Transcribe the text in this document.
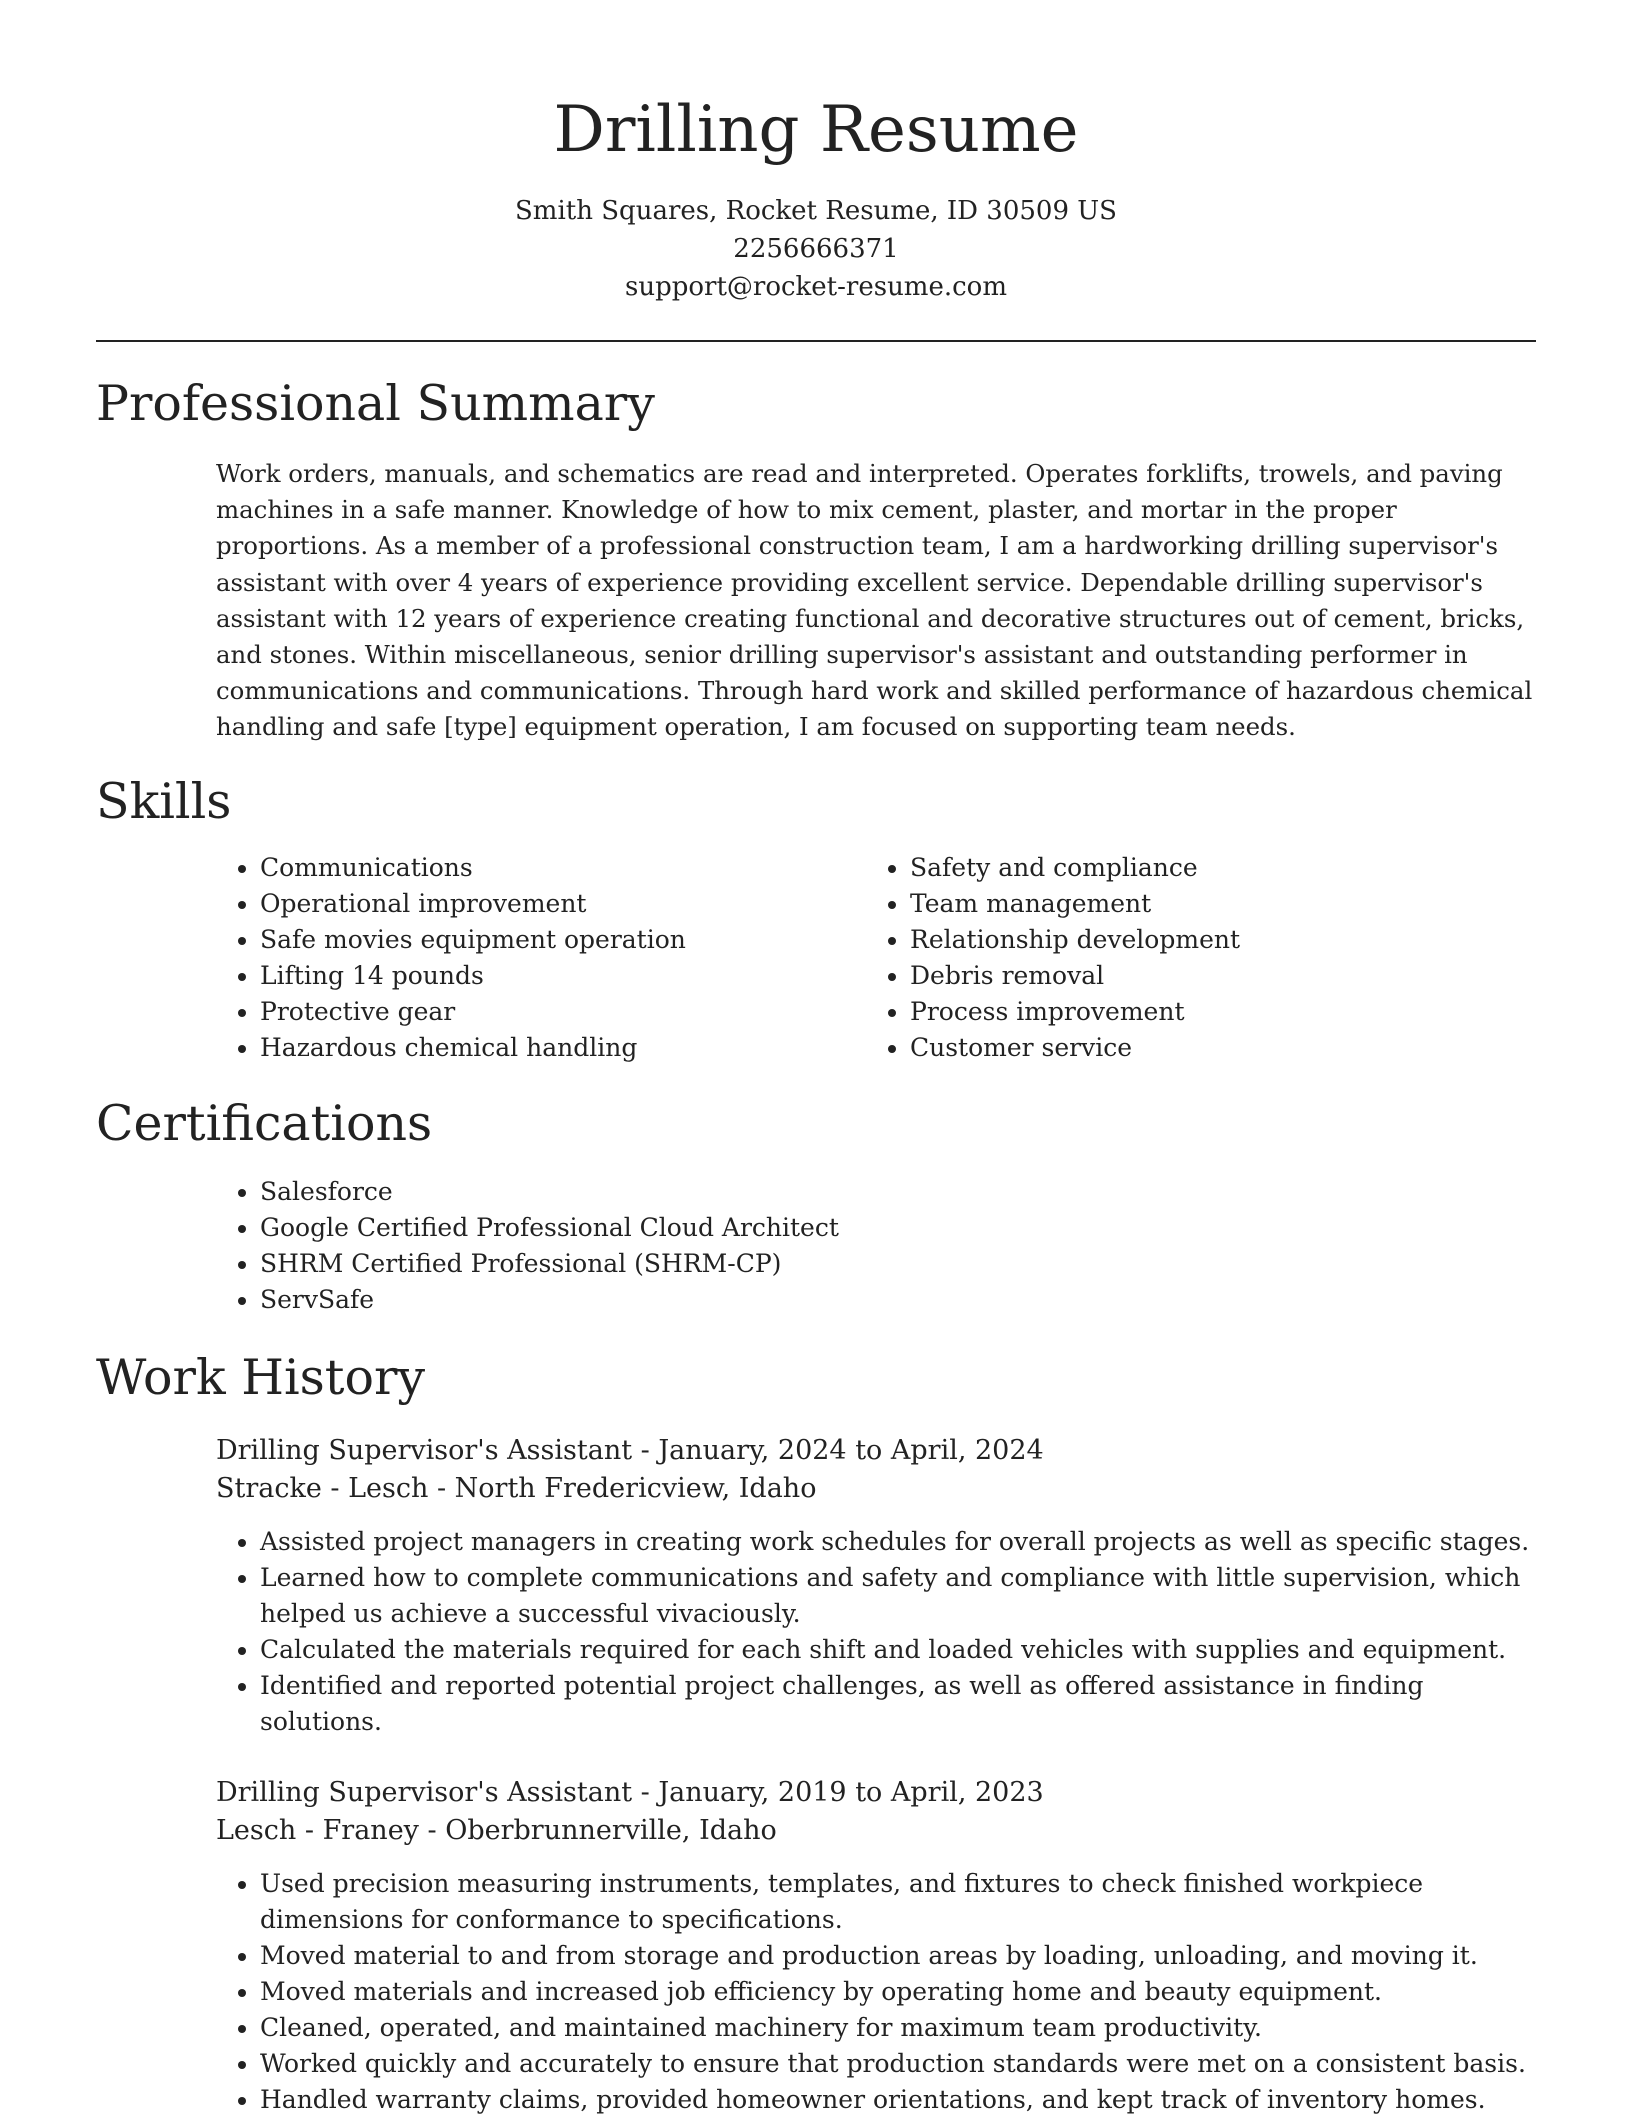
Drilling Resume
Smith Squares, Rocket Resume, ID 30509 US
2256666371
support@rocket-resume.com
Professional Summary

Work orders, manuals, and schematics are read and interpreted. Operates forklifts, trowels, and paving machines in a safe manner. Knowledge of how to mix cement, plaster, and mortar in the proper proportions. As a member of a professional construction team, I am a hardworking drilling supervisor's assistant with over 4 years of experience providing excellent service. Dependable drilling supervisor's assistant with 12 years of experience creating functional and decorative structures out of cement, bricks, and stones. Within miscellaneous, senior drilling supervisor's assistant and outstanding performer in communications and communications. Through hard work and skilled performance of hazardous chemical handling and safe [type] equipment operation, I am focused on supporting team needs.

Skills
• Communications
• Operational improvement
• Safe movies equipment operation
• Lifting 14 pounds
• Protective gear
• Hazardous chemical handling
• Safety and compliance
• Team management
• Relationship development
• Debris removal
• Process improvement
• Customer service
Certifications
• Salesforce
• Google Certified Professional Cloud Architect
• SHRM Certified Professional (SHRM-CP)
• ServSafe
Work History
Drilling Supervisor's Assistant - January, 2024 to April, 2024
Stracke - Lesch - North Fredericview, Idaho
• Assisted project managers in creating work schedules for overall projects as well as specific stages.
• Learned how to complete communications and safety and compliance with little supervision, which helped us achieve a successful vivaciously.
• Calculated the materials required for each shift and loaded vehicles with supplies and equipment.
• Identified and reported potential project challenges, as well as offered assistance in finding solutions.
Drilling Supervisor's Assistant - January, 2019 to April, 2023
Lesch - Franey - Oberbrunnerville, Idaho
• Used precision measuring instruments, templates, and fixtures to check finished workpiece dimensions for conformance to specifications.
• Moved material to and from storage and production areas by loading, unloading, and moving it.
• Moved materials and increased job efficiency by operating home and beauty equipment.
• Cleaned, operated, and maintained machinery for maximum team productivity.
• Worked quickly and accurately to ensure that production standards were met on a consistent basis.
• Handled warranty claims, provided homeowner orientations, and kept track of inventory homes.
